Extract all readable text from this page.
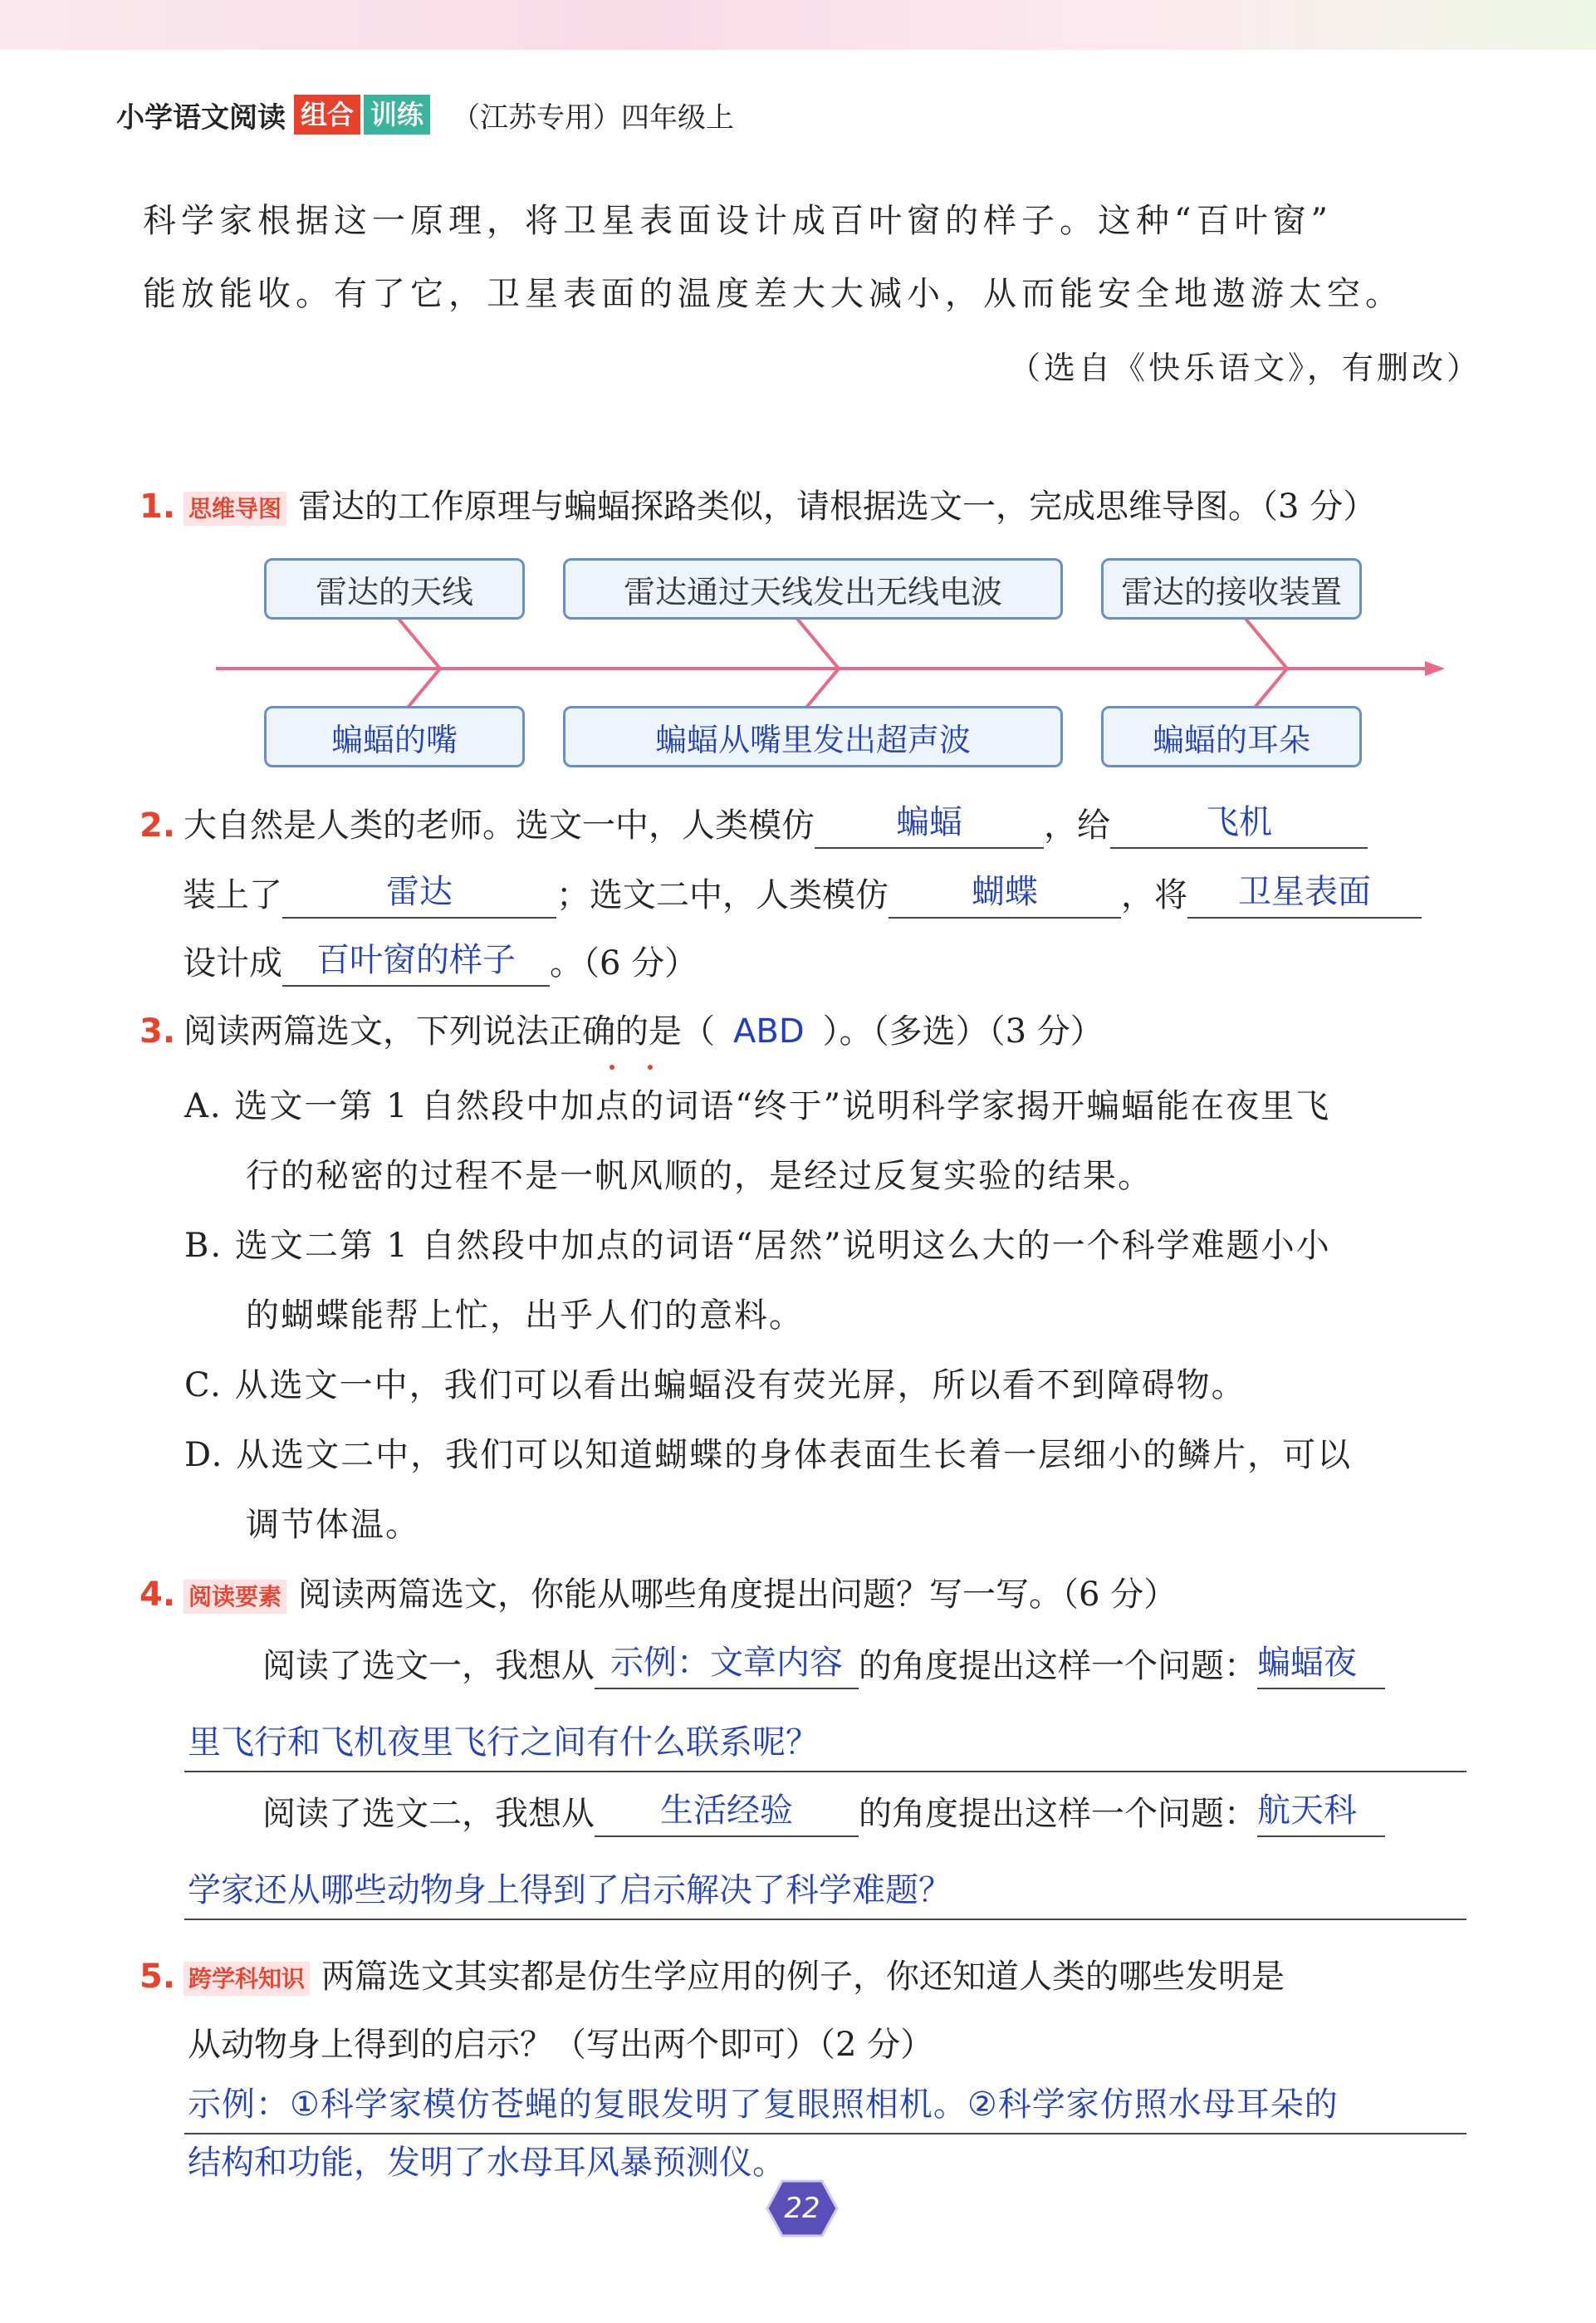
小学语文阅读 组合 训练 （江苏专用）四年级上
科学家根据这一原理，将卫星表面设计成百叶窗的样子。这种“百叶窗”
能放能收。有了它，卫星表面的温度差大大减小，从而能安全地遨游太空。
（选自《快乐语文》，有删改）
1. 思维导图 雷达的工作原理与蝙蝠探路类似，请根据选文一，完成思维导图。（3 分）
雷达的天线	雷达通过天线发出无线电波	雷达的接收装置
蝙蝠的嘴	蝙蝠从嘴里发出超声波	蝙蝠的耳朵
2. 大自然是人类的老师。选文一中，人类模仿 蝙蝠 ，给	飞机
装上了	雷达	；选文二中，人类模仿	蝴蝶	，将 卫星表面
设计成 百叶窗的样子 。（6 分）
3. 阅读两篇选文，下列说法正确的是（ ABD ）。（多选）（3 分）
A. 选文一第 1 自然段中加点的词语“终于”说明科学家揭开蝙蝠能在夜里飞
行的秘密的过程不是一帆风顺的，是经过反复实验的结果。
B. 选文二第 1 自然段中加点的词语“居然”说明这么大的一个科学难题小小
的蝴蝶能帮上忙，出乎人们的意料。
C. 从选文一中，我们可以看出蝙蝠没有荧光屏，所以看不到障碍物。
D. 从选文二中，我们可以知道蝴蝶的身体表面生长着一层细小的鳞片，可以
调节体温。
4. 阅读要素 阅读两篇选文，你能从哪些角度提出问题？写一写。（6 分）
阅读了选文一，我想从 示例：文章内容 的角度提出这样一个问题：蝙蝠夜
里飞行和飞机夜里飞行之间有什么联系呢？
阅读了选文二，我想从 生活经验 的角度提出这样一个问题：航天科
学家还从哪些动物身上得到了启示解决了科学难题？
5. 跨学科知识 两篇选文其实都是仿生学应用的例子，你还知道人类的哪些发明是
从动物身上得到的启示？（写出两个即可）（2 分）
示例：①科学家模仿苍蝇的复眼发明了复眼照相机。②科学家仿照水母耳朵的
结构和功能，发明了水母耳风暴预测仪。
22
